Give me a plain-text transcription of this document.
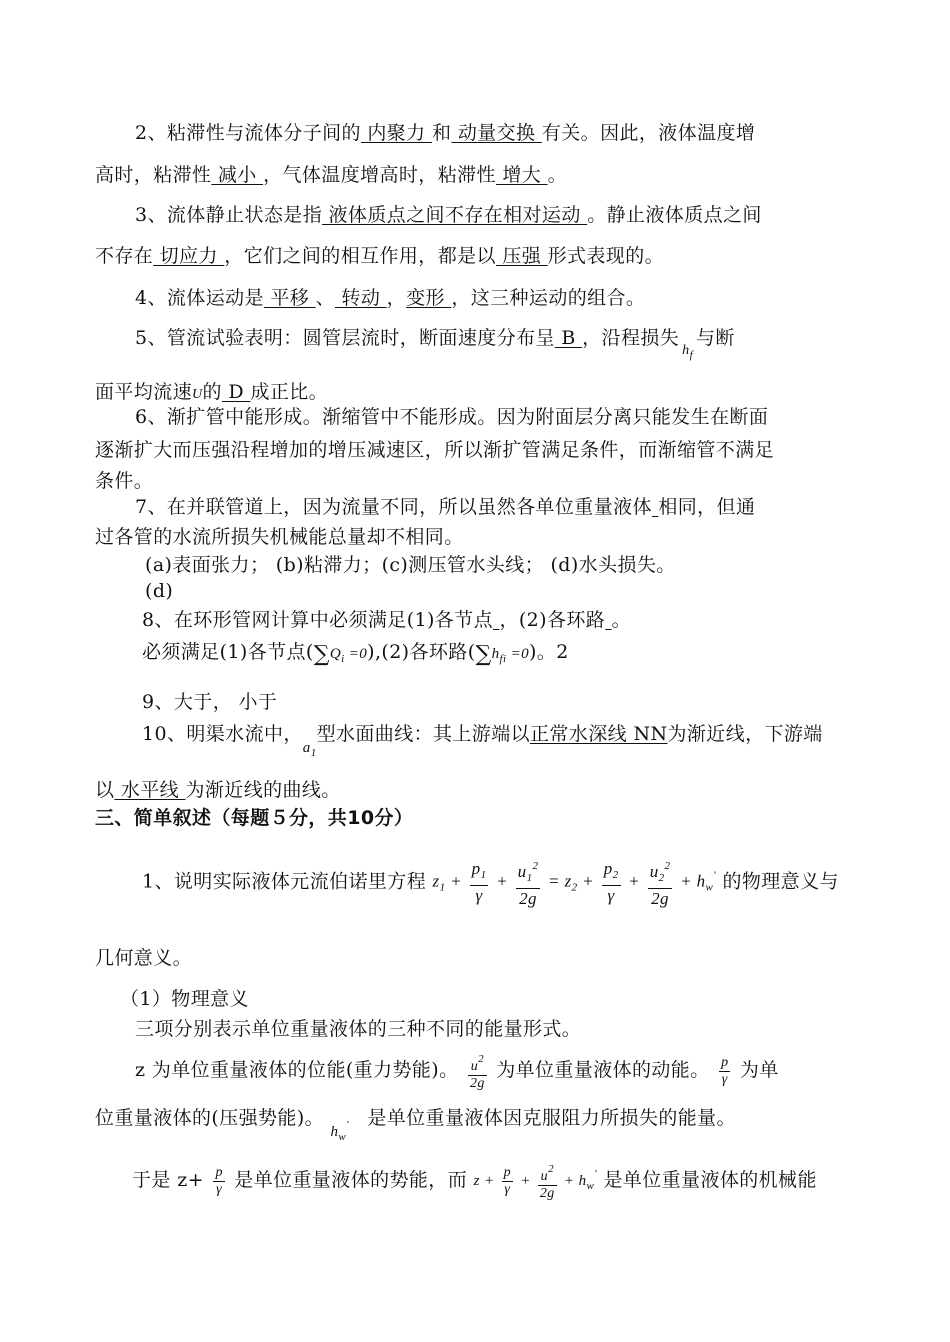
2、粘滞性与流体分子间的 内聚力 和 动量交换 有关。因此，液体温度增
高时，粘滞性 减小 ，气体温度增高时，粘滞性 增大 。
3、流体静止状态是指 液体质点之间不存在相对运动 。静止液体质点之间
不存在 切应力 ，它们之间的相互作用，都是以 压强 形式表现的。
4、流体运动是 平移 、 转动 ，变形 ，这三种运动的组合。
5、管流试验表明：圆管层流时，断面速度分布呈 B ，沿程损失$_{h_f}$与断
面平均流速U的 D 成正比。
6、渐扩管中能形成。渐缩管中不能形成。因为附面层分离只能发生在断面
逐渐扩大而压强沿程增加的增压减速区，所以渐扩管满足条件，而渐缩管不满足
条件。
7、在并联管道上，因为流量不同，所以虽然各单位重量液体 相同，但通
过各管的水流所损失机械能总量却不相同。
(a)表面张力； (b)粘滞力；(c)测压管水头线； (d)水头损失。
(d)
8、在环形管网计算中必须满足(1)各节点 ，(2)各环路 。
必须满足(1)各节点$(\sum Q_i =0),(2)$各环路$(\sum h_{fi} =0)$。2
9、大于， 小于
10、明渠水流中，$_{a_1}$型水面曲线：其上游端以正常水深线 NN为渐近线，下游端
以 水平线 为渐近线的曲线。
三、简单叙述（每题５分，共10分）
1、说明实际液体元流伯诺里方程 $z_1 + \frac{p_1}{\gamma} + \frac{u_1^2}{2g} = z_2 + \frac{p_2}{\gamma} + \frac{u_2^2}{2g} + h_w'$ 的物理意义与
几何意义。
（1）物理意义
三项分别表示单位重量液体的三种不同的能量形式。
z 为单位重量液体的位能(重力势能)。 $\frac{u^2}{2g}$ 为单位重量液体的动能。 $\frac{p}{\gamma}$ 为单
位重量液体的(压强势能)。 $_{h_w'}$ 是单位重量液体因克服阻力所损失的能量。
于是 $z+ \frac{p}{\gamma}$ 是单位重量液体的势能，而 $z + \frac{p}{\gamma} + \frac{u^2}{2g} + h_w'$ 是单位重量液体的机械能
